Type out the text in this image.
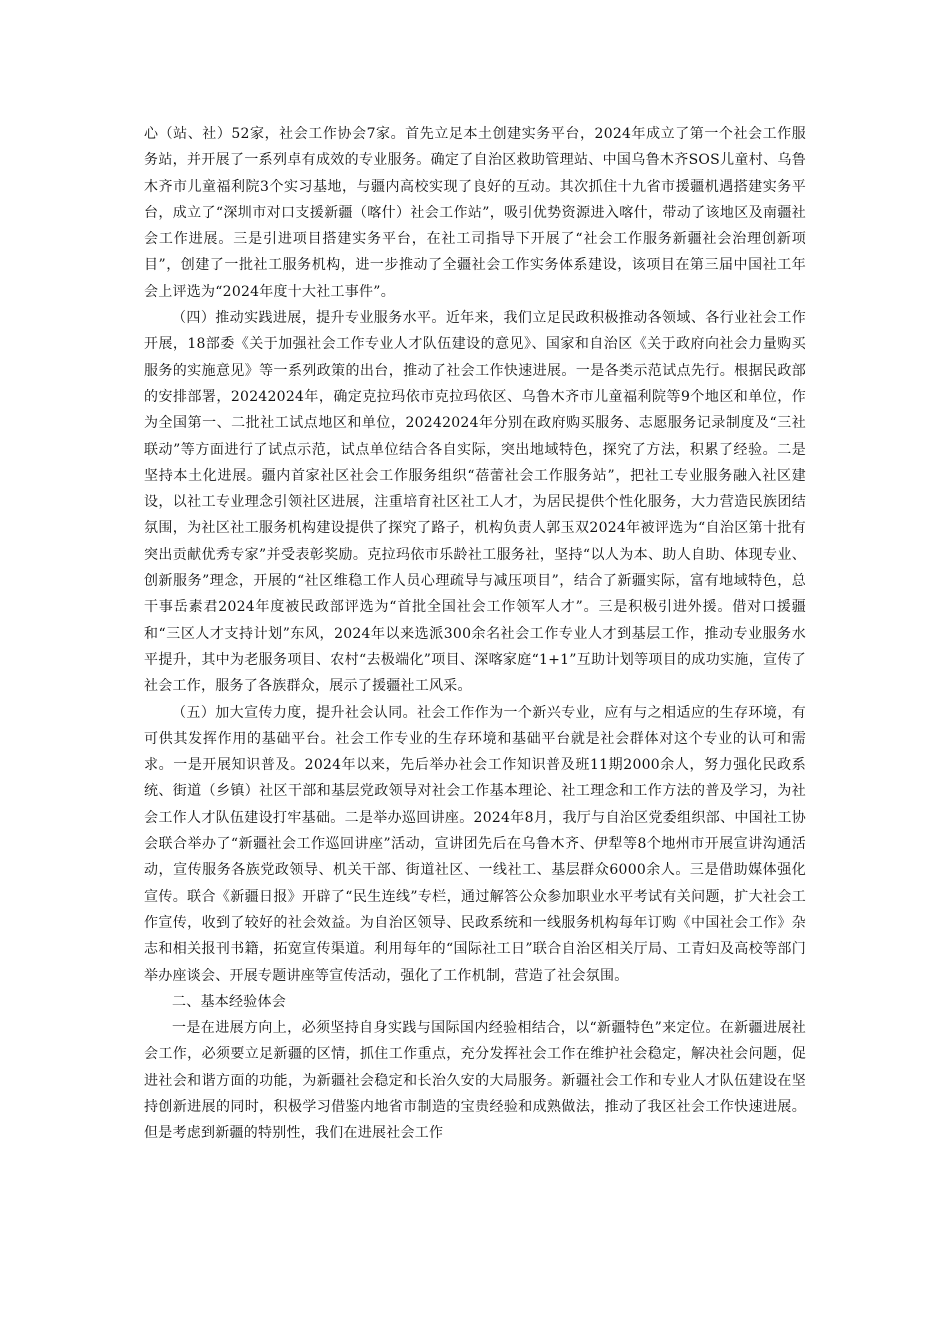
心（站、社）52家，社会工作协会7家。首先立足本土创建实务平台，2024年成立了第一个社会工作服务站，并开展了一系列卓有成效的专业服务。确定了自治区救助管理站、中国乌鲁木齐SOS儿童村、乌鲁木齐市儿童福利院3个实习基地，与疆内高校实现了良好的互动。其次抓住十九省市援疆机遇搭建实务平台，成立了“深圳市对口支援新疆（喀什）社会工作站”，吸引优势资源进入喀什，带动了该地区及南疆社会工作进展。三是引进项目搭建实务平台，在社工司指导下开展了“社会工作服务新疆社会治理创新项目”，创建了一批社工服务机构，进一步推动了全疆社会工作实务体系建设，该项目在第三届中国社工年会上评选为“2024年度十大社工事件”。

（四）推动实践进展，提升专业服务水平。近年来，我们立足民政积极推动各领域、各行业社会工作开展，18部委《关于加强社会工作专业人才队伍建设的意见》、国家和自治区《关于政府向社会力量购买服务的实施意见》等一系列政策的出台，推动了社会工作快速进展。一是各类示范试点先行。根据民政部的安排部署，20242024年，确定克拉玛依市克拉玛依区、乌鲁木齐市儿童福利院等9个地区和单位，作为全国第一、二批社工试点地区和单位，20242024年分别在政府购买服务、志愿服务记录制度及“三社联动”等方面进行了试点示范，试点单位结合各自实际，突出地域特色，探究了方法，积累了经验。二是坚持本土化进展。疆内首家社区社会工作服务组织“蓓蕾社会工作服务站”，把社工专业服务融入社区建设，以社工专业理念引领社区进展，注重培育社区社工人才，为居民提供个性化服务，大力营造民族团结氛围，为社区社工服务机构建设提供了探究了路子，机构负责人郭玉双2024年被评选为“自治区第十批有突出贡献优秀专家”并受表彰奖励。克拉玛依市乐龄社工服务社，坚持“以人为本、助人自助、体现专业、创新服务”理念，开展的“社区维稳工作人员心理疏导与减压项目”，结合了新疆实际，富有地域特色，总干事岳素君2024年度被民政部评选为“首批全国社会工作领军人才”。三是积极引进外援。借对口援疆和“三区人才支持计划”东风，2024年以来选派300余名社会工作专业人才到基层工作，推动专业服务水平提升，其中为老服务项目、农村“去极端化”项目、深喀家庭“1+1”互助计划等项目的成功实施，宣传了社会工作，服务了各族群众，展示了援疆社工风采。

（五）加大宣传力度，提升社会认同。社会工作作为一个新兴专业，应有与之相适应的生存环境，有可供其发挥作用的基础平台。社会工作专业的生存环境和基础平台就是社会群体对这个专业的认可和需求。一是开展知识普及。2024年以来，先后举办社会工作知识普及班11期2000余人，努力强化民政系统、街道（乡镇）社区干部和基层党政领导对社会工作基本理论、社工理念和工作方法的普及学习，为社会工作人才队伍建设打牢基础。二是举办巡回讲座。2024年8月，我厅与自治区党委组织部、中国社工协会联合举办了“新疆社会工作巡回讲座”活动，宣讲团先后在乌鲁木齐、伊犁等8个地州市开展宣讲沟通活动，宣传服务各族党政领导、机关干部、街道社区、一线社工、基层群众6000余人。三是借助媒体强化宣传。联合《新疆日报》开辟了“民生连线”专栏，通过解答公众参加职业水平考试有关问题，扩大社会工作宣传，收到了较好的社会效益。为自治区领导、民政系统和一线服务机构每年订购《中国社会工作》杂志和相关报刊书籍，拓宽宣传渠道。利用每年的“国际社工日”联合自治区相关厅局、工青妇及高校等部门举办座谈会、开展专题讲座等宣传活动，强化了工作机制，营造了社会氛围。

二、基本经验体会

一是在进展方向上，必须坚持自身实践与国际国内经验相结合，以“新疆特色”来定位。在新疆进展社会工作，必须要立足新疆的区情，抓住工作重点，充分发挥社会工作在维护社会稳定，解决社会问题，促进社会和谐方面的功能，为新疆社会稳定和长治久安的大局服务。新疆社会工作和专业人才队伍建设在坚持创新进展的同时，积极学习借鉴内地省市制造的宝贵经验和成熟做法，推动了我区社会工作快速进展。但是考虑到新疆的特别性，我们在进展社会工作
